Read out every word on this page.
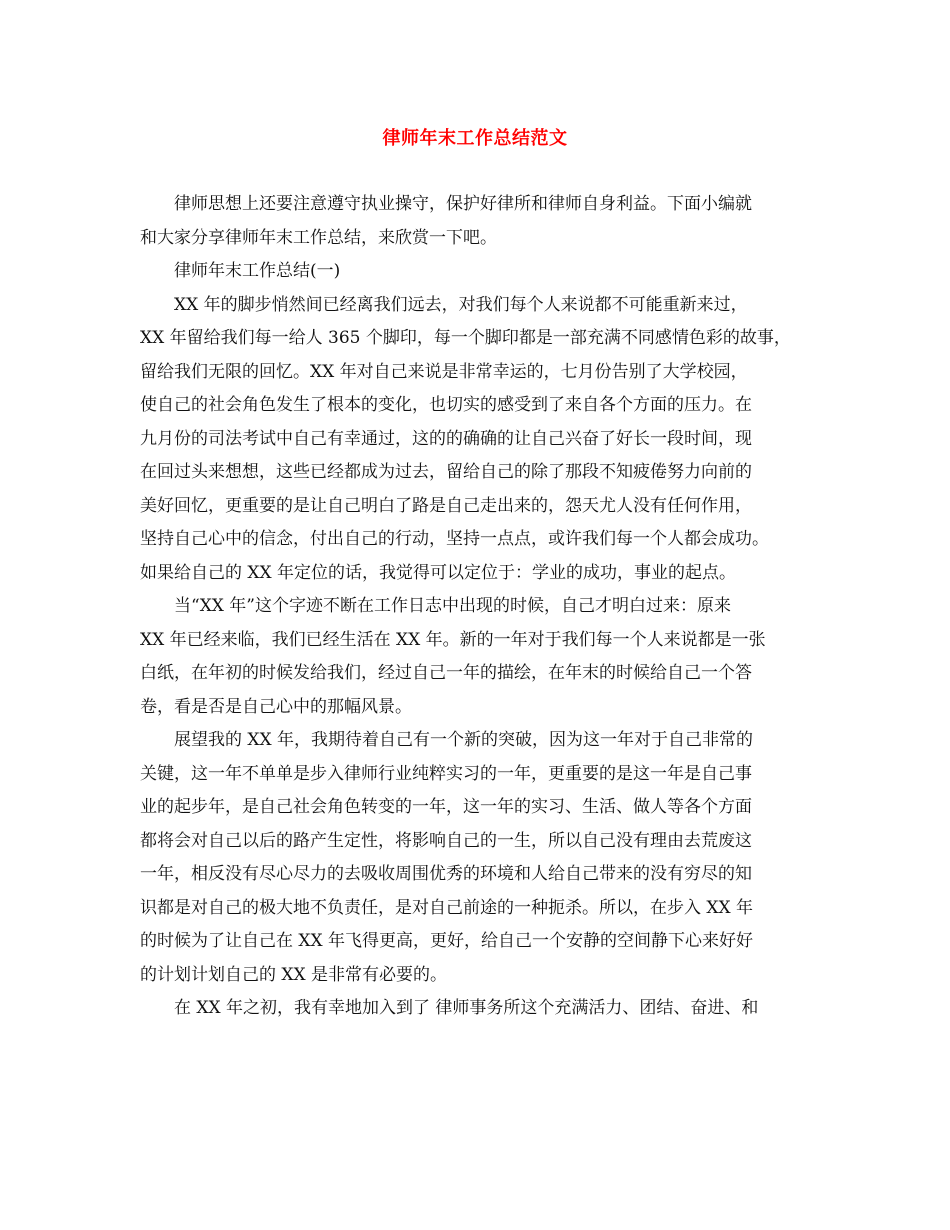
律师年末工作总结范文
律师思想上还要注意遵守执业操守，保护好律所和律师自身利益。下面小编就
和大家分享律师年末工作总结，来欣赏一下吧。
律师年末工作总结(一)
XX 年的脚步悄然间已经离我们远去，对我们每个人来说都不可能重新来过，
XX 年留给我们每一给人 365 个脚印，每一个脚印都是一部充满不同感情色彩的故事，
留给我们无限的回忆。XX 年对自己来说是非常幸运的，七月份告别了大学校园，
使自己的社会角色发生了根本的变化，也切实的感受到了来自各个方面的压力。在
九月份的司法考试中自己有幸通过，这的的确确的让自己兴奋了好长一段时间，现
在回过头来想想，这些已经都成为过去，留给自己的除了那段不知疲倦努力向前的
美好回忆，更重要的是让自己明白了路是自己走出来的，怨天尤人没有任何作用，
坚持自己心中的信念，付出自己的行动，坚持一点点，或许我们每一个人都会成功。
如果给自己的 XX 年定位的话，我觉得可以定位于：学业的成功，事业的起点。
当“XX 年”这个字迹不断在工作日志中出现的时候，自己才明白过来：原来
XX 年已经来临，我们已经生活在 XX 年。新的一年对于我们每一个人来说都是一张
白纸，在年初的时候发给我们，经过自己一年的描绘，在年末的时候给自己一个答
卷，看是否是自己心中的那幅风景。
展望我的 XX 年，我期待着自己有一个新的突破，因为这一年对于自己非常的
关键，这一年不单单是步入律师行业纯粹实习的一年，更重要的是这一年是自己事
业的起步年，是自己社会角色转变的一年，这一年的实习、生活、做人等各个方面
都将会对自己以后的路产生定性，将影响自己的一生，所以自己没有理由去荒废这
一年，相反没有尽心尽力的去吸收周围优秀的环境和人给自己带来的没有穷尽的知
识都是对自己的极大地不负责任，是对自己前途的一种扼杀。所以，在步入 XX 年
的时候为了让自己在 XX 年飞得更高，更好，给自己一个安静的空间静下心来好好
的计划计划自己的 XX 是非常有必要的。
在 XX 年之初，我有幸地加入到了 律师事务所这个充满活力、团结、奋进、和
